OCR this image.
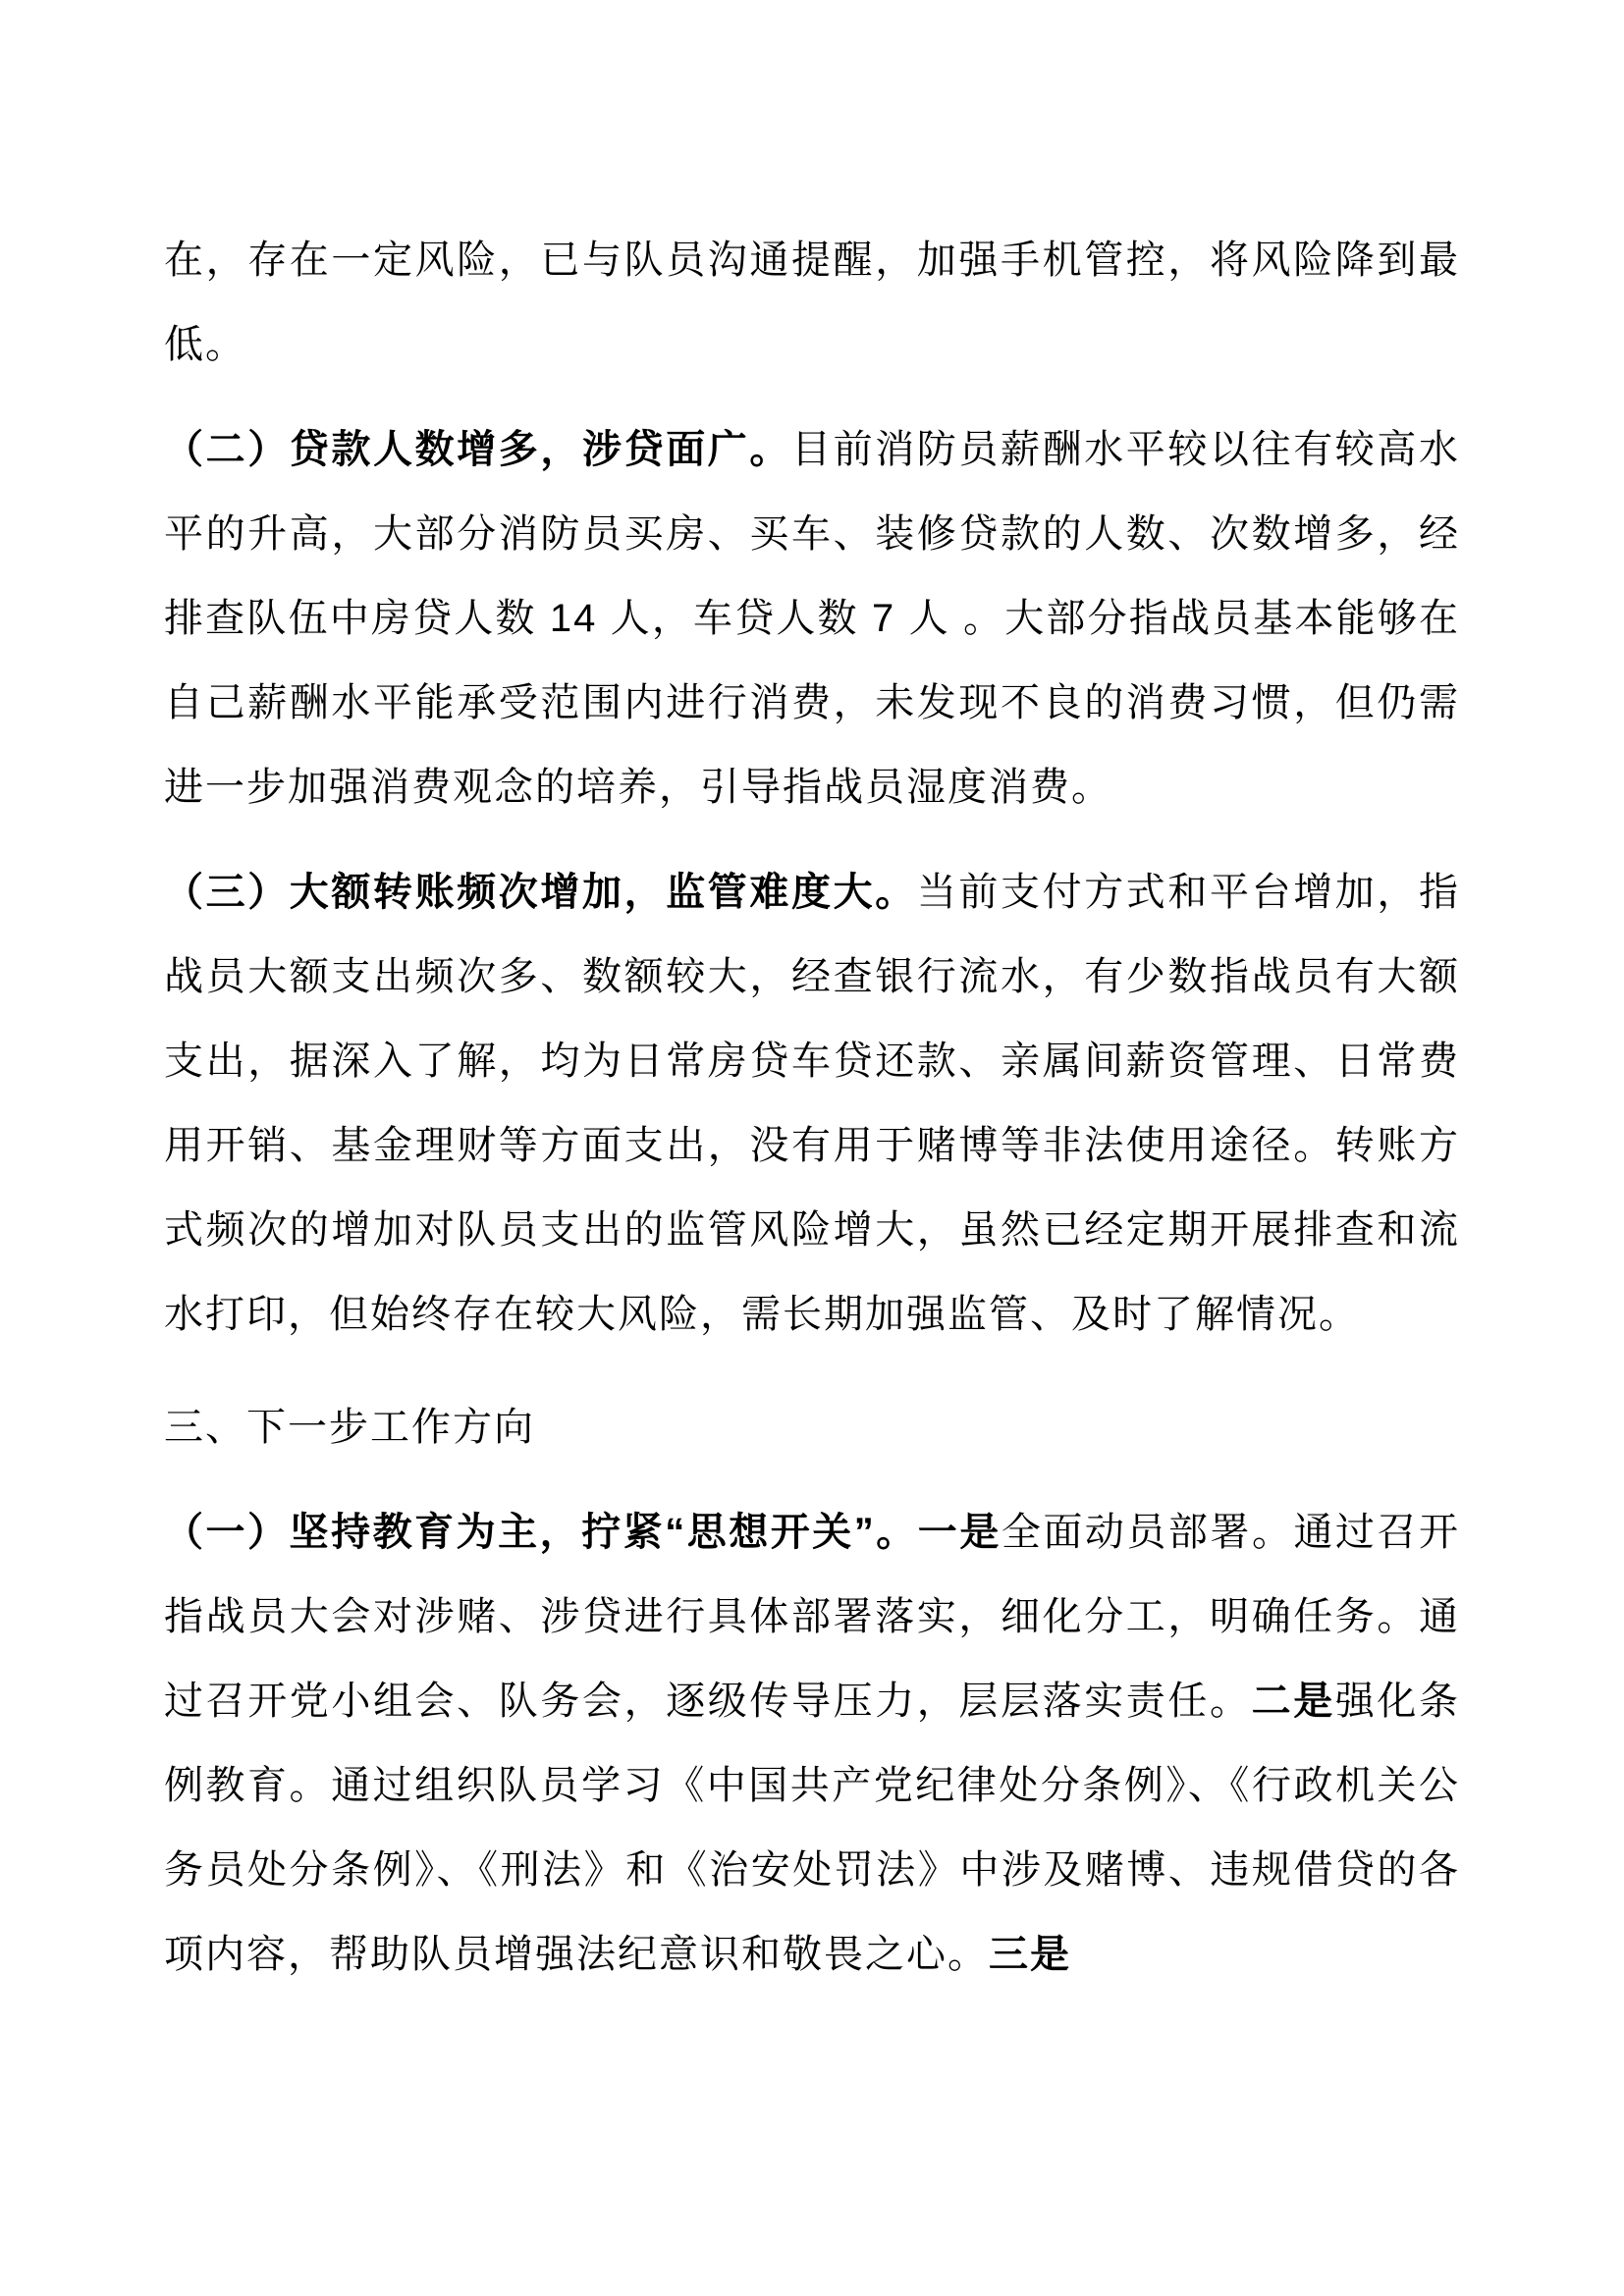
在，存在一定风险，已与队员沟通提醒，加强手机管控，将风险降到最低。

（二）贷款人数增多，涉贷面广。目前消防员薪酬水平较以往有较高水平的升高，大部分消防员买房、买车、装修贷款的人数、次数增多，经排查队伍中房贷人数 14 人，车贷人数 7 人 。大部分指战员基本能够在自己薪酬水平能承受范围内进行消费，未发现不良的消费习惯，但仍需进一步加强消费观念的培养，引导指战员湿度消费。

（三）大额转账频次增加，监管难度大。当前支付方式和平台增加，指战员大额支出频次多、数额较大，经查银行流水，有少数指战员有大额支出，据深入了解，均为日常房贷车贷还款、亲属间薪资管理、日常费用开销、基金理财等方面支出，没有用于赌博等非法使用途径。转账方式频次的增加对队员支出的监管风险增大，虽然已经定期开展排查和流水打印，但始终存在较大风险，需长期加强监管、及时了解情况。

三、下一步工作方向

（一）坚持教育为主，拧紧“思想开关”。一是全面动员部署。通过召开指战员大会对涉赌、涉贷进行具体部署落实，细化分工，明确任务。通过召开党小组会、队务会，逐级传导压力，层层落实责任。二是强化条例教育。通过组织队员学习《中国共产党纪律处分条例》、《行政机关公务员处分条例》、《刑法》和《治安处罚法》中涉及赌博、违规借贷的各项内容，帮助队员增强法纪意识和敬畏之心。三是
